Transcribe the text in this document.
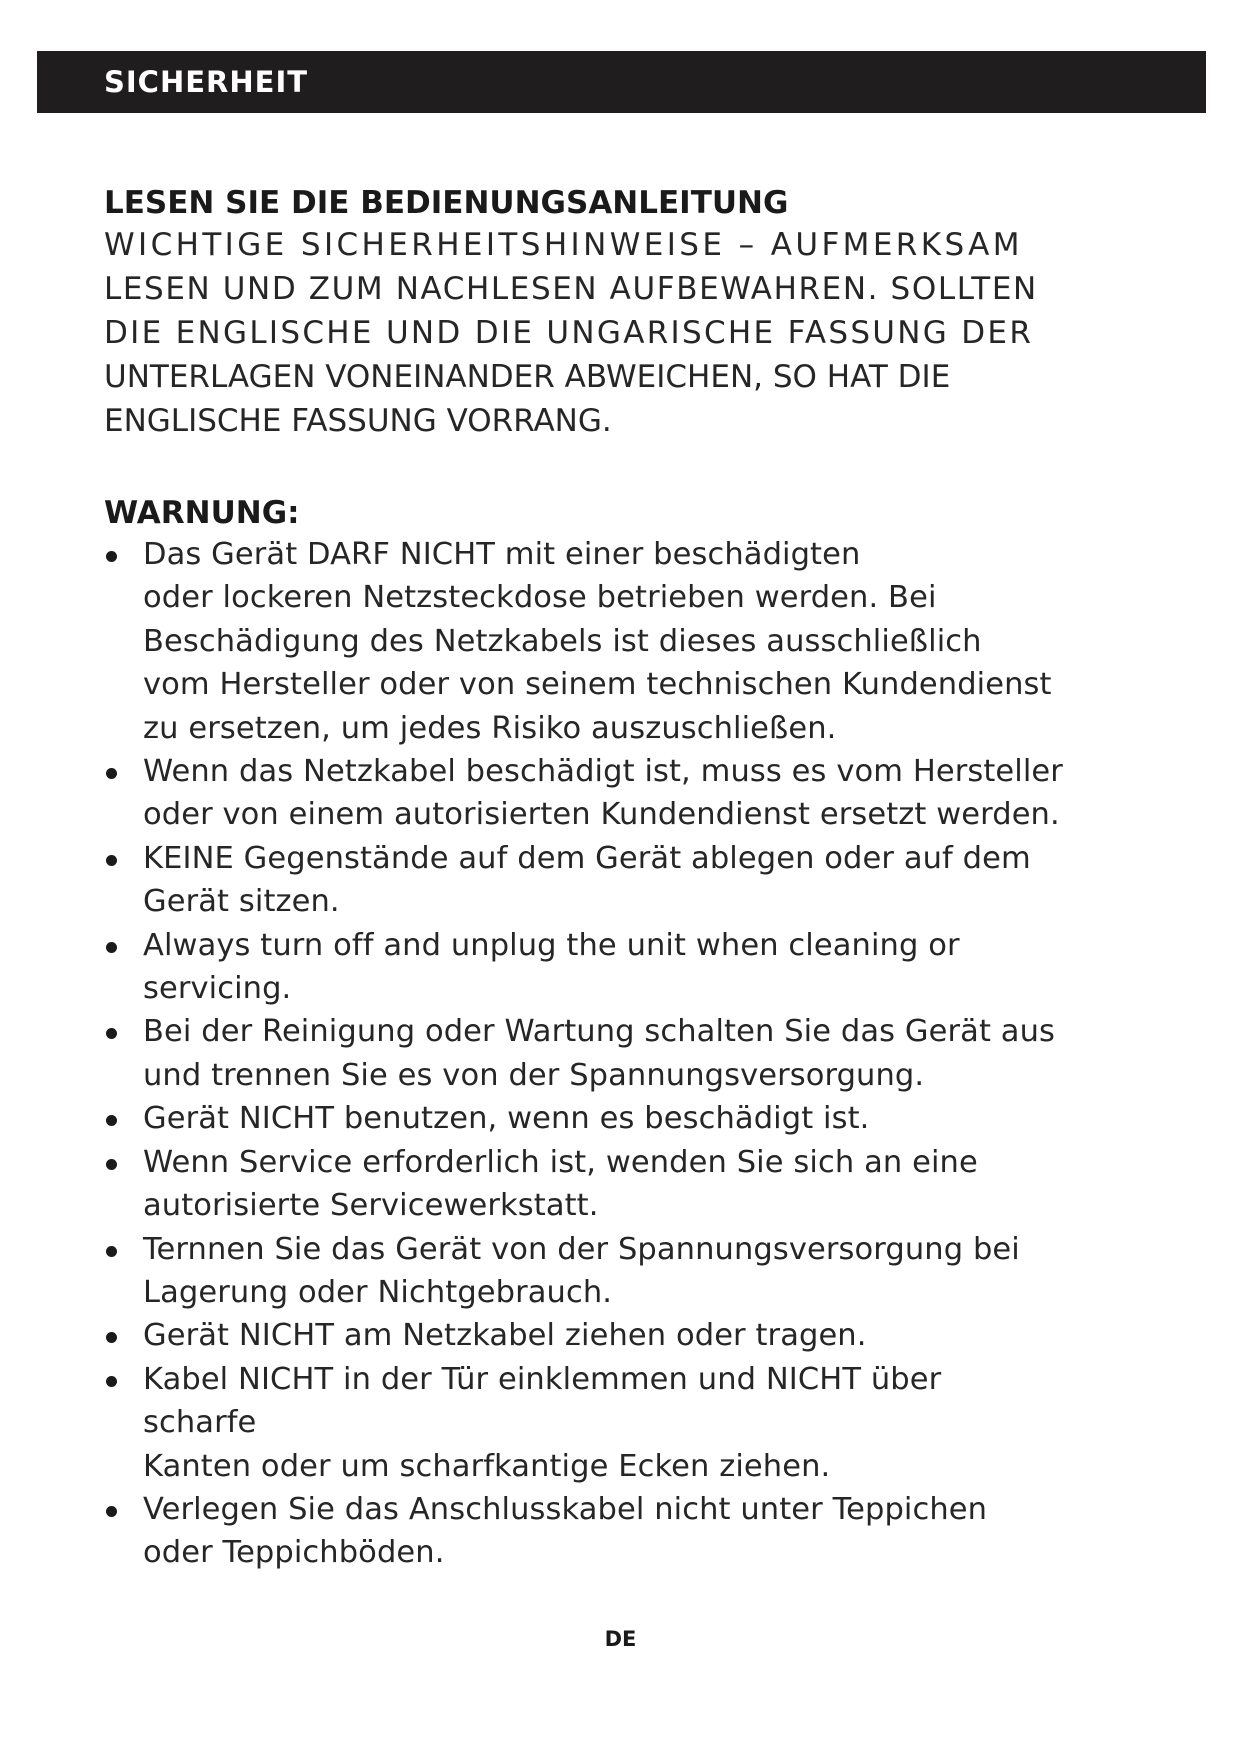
SICHERHEIT
LESEN SIE DIE BEDIENUNGSANLEITUNG
WICHTIGE SICHERHEITSHINWEISE – AUFMERKSAM
LESEN UND ZUM NACHLESEN AUFBEWAHREN. SOLLTEN
DIE ENGLISCHE UND DIE UNGARISCHE FASSUNG DER
UNTERLAGEN VONEINANDER ABWEICHEN, SO HAT DIE
ENGLISCHE FASSUNG VORRANG.
WARNUNG:
Das Gerät DARF NICHT mit einer beschädigten
oder lockeren Netzsteckdose betrieben werden. Bei
Beschädigung des Netzkabels ist dieses ausschließlich
vom Hersteller oder von seinem technischen Kundendienst
zu ersetzen, um jedes Risiko auszuschließen.
Wenn das Netzkabel beschädigt ist, muss es vom Hersteller
oder von einem autorisierten Kundendienst ersetzt werden.
KEINE Gegenstände auf dem Gerät ablegen oder auf dem
Gerät sitzen.
Always turn off and unplug the unit when cleaning or
servicing.
Bei der Reinigung oder Wartung schalten Sie das Gerät aus
und trennen Sie es von der Spannungsversorgung.
Gerät NICHT benutzen, wenn es beschädigt ist.
Wenn Service erforderlich ist, wenden Sie sich an eine
autorisierte Servicewerkstatt.
Ternnen Sie das Gerät von der Spannungsversorgung bei
Lagerung oder Nichtgebrauch.
Gerät NICHT am Netzkabel ziehen oder tragen.
Kabel NICHT in der Tür einklemmen und NICHT über
scharfe
Kanten oder um scharfkantige Ecken ziehen.
Verlegen Sie das Anschlusskabel nicht unter Teppichen
oder Teppichböden.
DE
